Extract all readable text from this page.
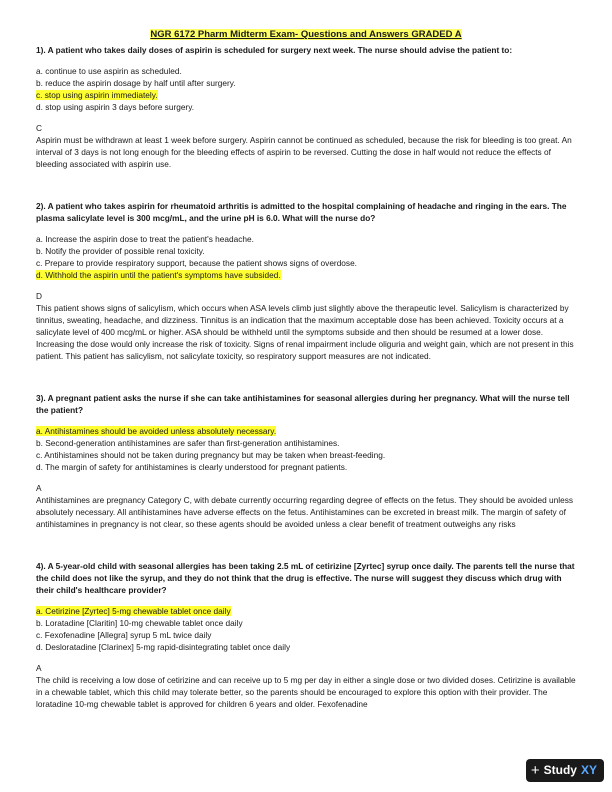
NGR 6172 Pharm Midterm Exam- Questions and Answers GRADED A

1). A patient who takes daily doses of aspirin is scheduled for surgery next week. The nurse should advise the patient to:

a. continue to use aspirin as scheduled.

b. reduce the aspirin dosage by half until after surgery.

c. stop using aspirin immediately.

d. stop using aspirin 3 days before surgery.

C

Aspirin must be withdrawn at least 1 week before surgery. Aspirin cannot be continued as scheduled, because the risk for bleeding is too great. An interval of 3 days is not long enough for the bleeding effects of aspirin to be reversed. Cutting the dose in half would not reduce the effects of bleeding associated with aspirin use.

2). A patient who takes aspirin for rheumatoid arthritis is admitted to the hospital complaining of headache and ringing in the ears. The plasma salicylate level is 300 mcg/mL, and the urine pH is 6.0. What will the nurse do?

a. Increase the aspirin dose to treat the patient's headache.

b. Notify the provider of possible renal toxicity.

c. Prepare to provide respiratory support, because the patient shows signs of overdose.

d. Withhold the aspirin until the patient's symptoms have subsided.

D

This patient shows signs of salicylism, which occurs when ASA levels climb just slightly above the therapeutic level. Salicylism is characterized by tinnitus, sweating, headache, and dizziness. Tinnitus is an indication that the maximum acceptable dose has been achieved. Toxicity occurs at a salicylate level of 400 mcg/mL or higher. ASA should be withheld until the symptoms subside and then should be resumed at a lower dose. Increasing the dose would only increase the risk of toxicity. Signs of renal impairment include oliguria and weight gain, which are not present in this patient. This patient has salicylism, not salicylate toxicity, so respiratory support measures are not indicated.

3). A pregnant patient asks the nurse if she can take antihistamines for seasonal allergies during her pregnancy. What will the nurse tell the patient?

a. Antihistamines should be avoided unless absolutely necessary.

b. Second-generation antihistamines are safer than first-generation antihistamines.

c. Antihistamines should not be taken during pregnancy but may be taken when breast-feeding.

d. The margin of safety for antihistamines is clearly understood for pregnant patients.

A

Antihistamines are pregnancy Category C, with debate currently occurring regarding degree of effects on the fetus. They should be avoided unless absolutely necessary. All antihistamines have adverse effects on the fetus. Antihistamines can be excreted in breast milk. The margin of safety of antihistamines in pregnancy is not clear, so these agents should be avoided unless a clear benefit of treatment outweighs any risks

4). A 5-year-old child with seasonal allergies has been taking 2.5 mL of cetirizine [Zyrtec] syrup once daily. The parents tell the nurse that the child does not like the syrup, and they do not think that the drug is effective. The nurse will suggest they discuss which drug with their child's healthcare provider?

a. Cetirizine [Zyrtec] 5-mg chewable tablet once daily

b. Loratadine [Claritin] 10-mg chewable tablet once daily

c. Fexofenadine [Allegra] syrup 5 mL twice daily

d. Desloratadine [Clarinex] 5-mg rapid-disintegrating tablet once daily

A

The child is receiving a low dose of cetirizine and can receive up to 5 mg per day in either a single dose or two divided doses. Cetirizine is available in a chewable tablet, which this child may tolerate better, so the parents should be encouraged to explore this option with their provider. The loratadine 10-mg chewable tablet is approved for children 6 years and older. Fexofenadine

+ Study XY
